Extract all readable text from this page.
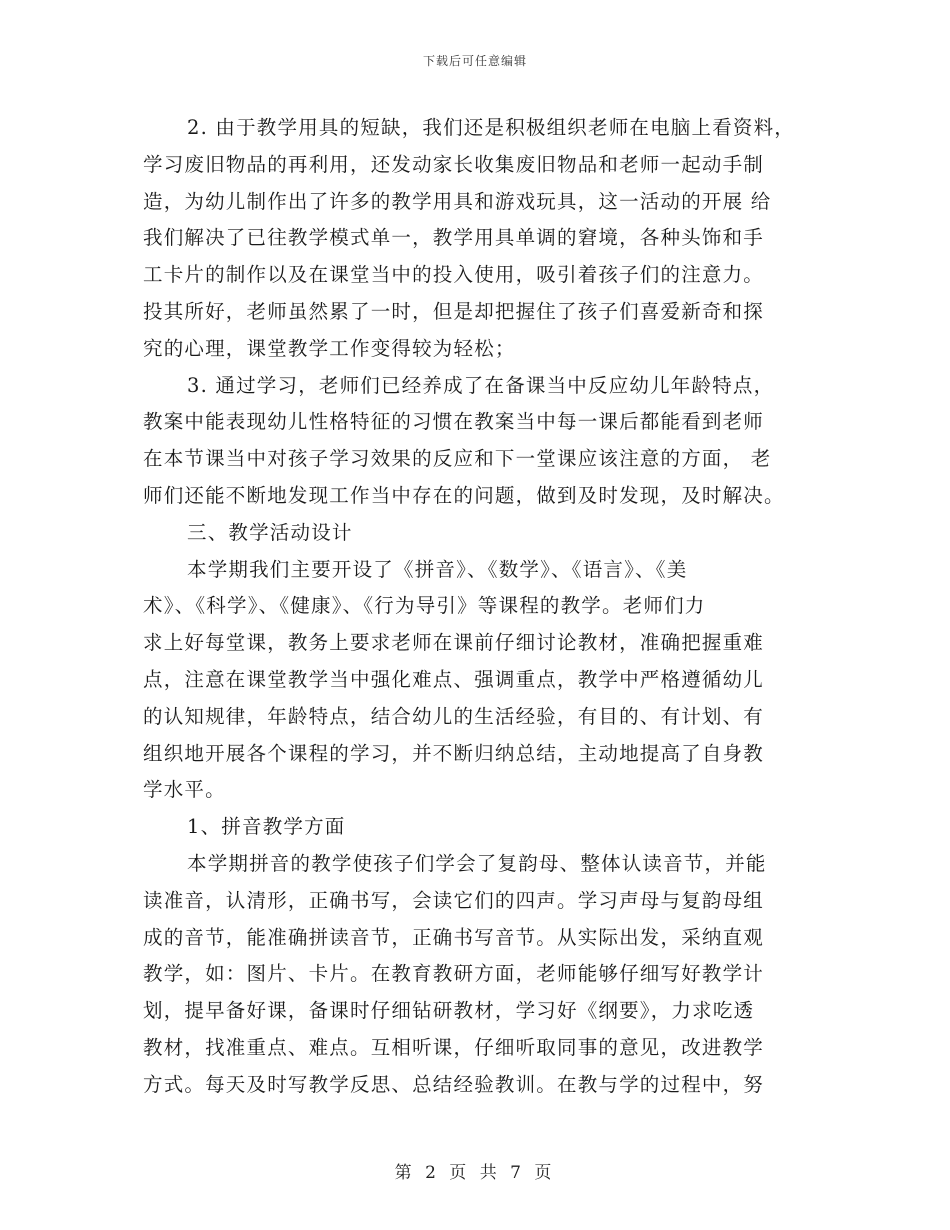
下载后可任意编辑
2. 由于教学用具的短缺，我们还是积极组织老师在电脑上看资料，
学习废旧物品的再利用，还发动家长收集废旧物品和老师一起动手制
造，为幼儿制作出了许多的教学用具和游戏玩具，这一活动的开展 给
我们解决了已往教学模式单一，教学用具单调的窘境，各种头饰和手
工卡片的制作以及在课堂当中的投入使用，吸引着孩子们的注意力。
投其所好，老师虽然累了一时，但是却把握住了孩子们喜爱新奇和探
究的心理，课堂教学工作变得较为轻松；
3. 通过学习，老师们已经养成了在备课当中反应幼儿年龄特点，
教案中能表现幼儿性格特征的习惯在教案当中每一课后都能看到老师
在本节课当中对孩子学习效果的反应和下一堂课应该注意的方面， 老
师们还能不断地发现工作当中存在的问题，做到及时发现，及时解决。
三、教学活动设计
本学期我们主要开设了《拼音》、《数学》、《语言》、《美
术》、《科学》、《健康》、《行为导引》等课程的教学。老师们力
求上好每堂课，教务上要求老师在课前仔细讨论教材，准确把握重难
点，注意在课堂教学当中强化难点、强调重点，教学中严格遵循幼儿
的认知规律，年龄特点，结合幼儿的生活经验，有目的、有计划、有
组织地开展各个课程的学习，并不断归纳总结，主动地提高了自身教
学水平。
1、拼音教学方面
本学期拼音的教学使孩子们学会了复韵母、整体认读音节，并能
读准音，认清形，正确书写，会读它们的四声。学习声母与复韵母组
成的音节，能准确拼读音节，正确书写音节。从实际出发，采纳直观
教学，如：图片、卡片。在教育教研方面，老师能够仔细写好教学计
划，提早备好课，备课时仔细钻研教材，学习好《纲要》，力求吃透
教材，找准重点、难点。互相听课，仔细听取同事的意见，改进教学
方式。每天及时写教学反思、总结经验教训。在教与学的过程中，努
第 2 页 共 7 页
